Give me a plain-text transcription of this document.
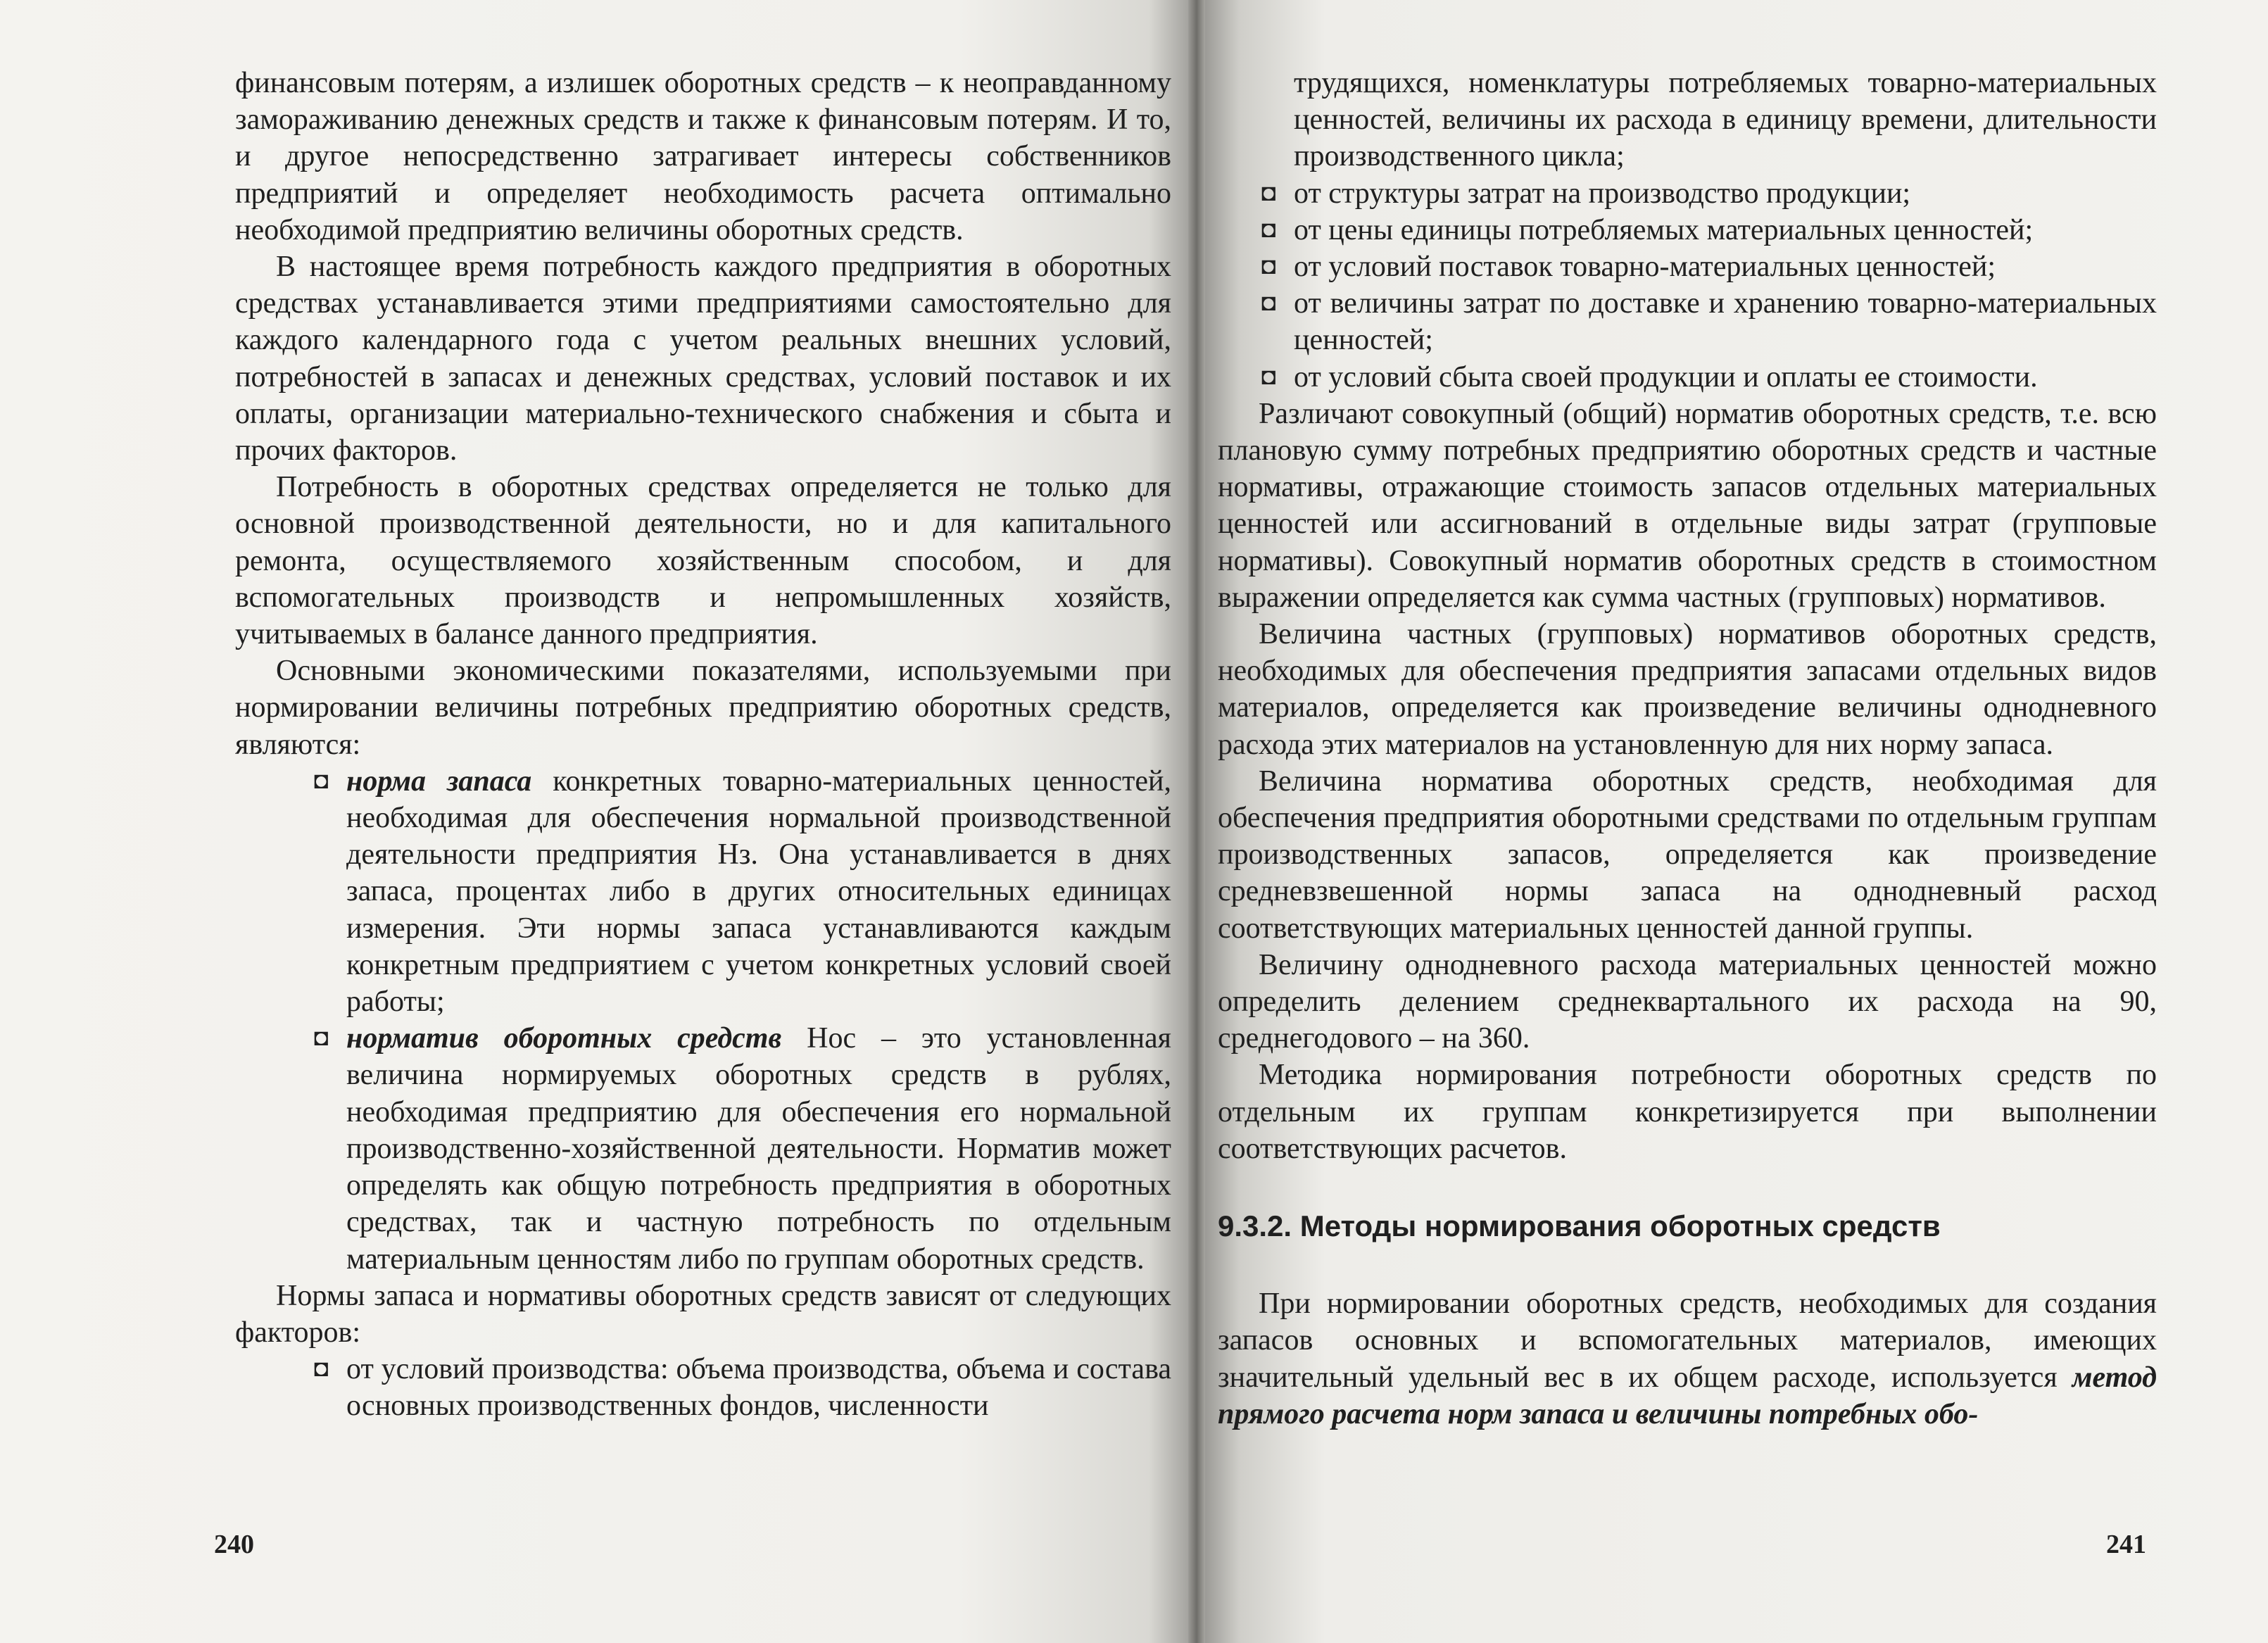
финансовым потерям, а излишек оборотных средств – к неоправданному замораживанию денежных средств и также к финансовым потерям. И то, и другое непосредственно затрагивает интересы собственников предприятий и определяет необходимость расчета оптимально необходимой предприятию величины оборотных средств.

В настоящее время потребность каждого предприятия в оборотных средствах устанавливается этими предприятиями самостоятельно для каждого календарного года с учетом реальных внешних условий, потребностей в запасах и денежных средствах, условий поставок и их оплаты, организации материально-технического снабжения и сбыта и прочих факторов.

Потребность в оборотных средствах определяется не только для основной производственной деятельности, но и для капитального ремонта, осуществляемого хозяйственным способом, и для вспомогательных производств и непромышленных хозяйств, учитываемых в балансе данного предприятия.

Основными экономическими показателями, используемыми при нормировании величины потребных предприятию оборотных средств, являются:

◘ норма запаса конкретных товарно-материальных ценностей, необходимая для обеспечения нормальной производственной деятельности предприятия Нз. Она устанавливается в днях запаса, процентах либо в других относительных единицах измерения. Эти нормы запаса устанавливаются каждым конкретным предприятием с учетом конкретных условий своей работы;
◘ норматив оборотных средств Ноc – это установленная величина нормируемых оборотных средств в рублях, необходимая предприятию для обеспечения его нормальной производственно-хозяйственной деятельности. Норматив может определять как общую потребность предприятия в оборотных средствах, так и частную потребность по отдельным материальным ценностям либо по группам оборотных средств.

Нормы запаса и нормативы оборотных средств зависят от следующих факторов:

◘ от условий производства: объема производства, объема и состава основных производственных фондов, численности
240
трудящихся, номенклатуры потребляемых товарно-материальных ценностей, величины их расхода в единицу времени, длительности производственного цикла;
◘ от структуры затрат на производство продукции;
◘ от цены единицы потребляемых материальных ценностей;
◘ от условий поставок товарно-материальных ценностей;
◘ от величины затрат по доставке и хранению товарно-материальных ценностей;
◘ от условий сбыта своей продукции и оплаты ее стоимости.

Различают совокупный (общий) норматив оборотных средств, т.е. всю плановую сумму потребных предприятию оборотных средств и частные нормативы, отражающие стоимость запасов отдельных материальных ценностей или ассигнований в отдельные виды затрат (групповые нормативы). Совокупный норматив оборотных средств в стоимостном выражении определяется как сумма частных (групповых) нормативов.

Величина частных (групповых) нормативов оборотных средств, необходимых для обеспечения предприятия запасами отдельных видов материалов, определяется как произведение величины однодневного расхода этих материалов на установленную для них норму запаса.

Величина норматива оборотных средств, необходимая для обеспечения предприятия оборотными средствами по отдельным группам производственных запасов, определяется как произведение средневзвешенной нормы запаса на однодневный расход соответствующих материальных ценностей данной группы.

Величину однодневного расхода материальных ценностей можно определить делением среднеквартального их расхода на 90, среднегодового – на 360.

Методика нормирования потребности оборотных средств по отдельным их группам конкретизируется при выполнении соответствующих расчетов.

9.3.2. Методы нормирования оборотных средств

При нормировании оборотных средств, необходимых для создания запасов основных и вспомогательных материалов, имеющих значительный удельный вес в их общем расходе, используется метод прямого расчета норм запаса и величины потребных обо-

241
